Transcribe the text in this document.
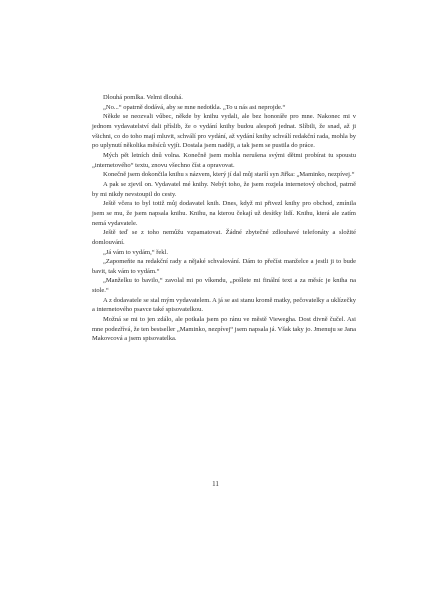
Dlouhá pomlka. Velmi dlouhá.

„No...“ opatrně dodává, aby se mne nedotkla. „To u nás asi neprojde.“

Někde se neozvali vůbec, někde by knihu vydali, ale bez honoráře pro mne. Nakonec mi v jednom vydavatelství dali příslib, že o vydání knihy budou alespoň jednat. Slíbili, že snad, až ji všichni, co do toho mají mluvit, schválí pro vydání, až vydání knihy schválí redakční rada, mohla by po uplynutí několika měsíců vyjít. Dostala jsem naději, a tak jsem se pustila do práce.

Mých pět letních dnů volna. Konečně jsem mohla nerušena svými dětmi probírat tu spoustu „internetového“ textu, znovu všechno číst a opravovat.

Konečně jsem dokončila knihu s názvem, který jí dal můj starší syn Jiřka: „Maminko, nezpívej.“

A pak se zjevil on. Vydavatel mé knihy. Nebýt toho, že jsem rozjela internetový obchod, patrně by mi nikdy nevstoupil do cesty.

Ještě včera to byl totiž můj dodavatel knih. Dnes, když mi přivezl knihy pro obchod, zmínila jsem se mu, že jsem napsala knihu. Knihu, na kterou čekají už desítky lidí. Knihu, která ale zatím nemá vydavatele.

Ještě teď se z toho nemůžu vzpamatovat. Žádné zbytečné zdlouhavé telefonáty a složité domlouvání.

„Já vám to vydám,“ řekl.

„Zapomeňte na redakční rady a nějaké schvalování. Dám to přečíst manželce a jestli ji to bude bavit, tak vám to vydám.“

„Manželku to bavilo,“ zavolal mi po víkendu, „pošlete mi finální text a za měsíc je kniha na stole.“

A z dodavatele se stal mým vydavatelem. A já se asi stanu kromě matky, pečovatelky a uklízečky a internetového psavce také spisovatelkou.

Možná se mi to jen zdálo, ale potkala jsem po ránu ve městě Viewegha. Dost divně čučel. Asi mne podezřívá, že ten bestseller „Maminko, nezpívej“ jsem napsala já. Však taky jo. Jmenuju se Jana Makovcová a jsem spisovatelka.

11
